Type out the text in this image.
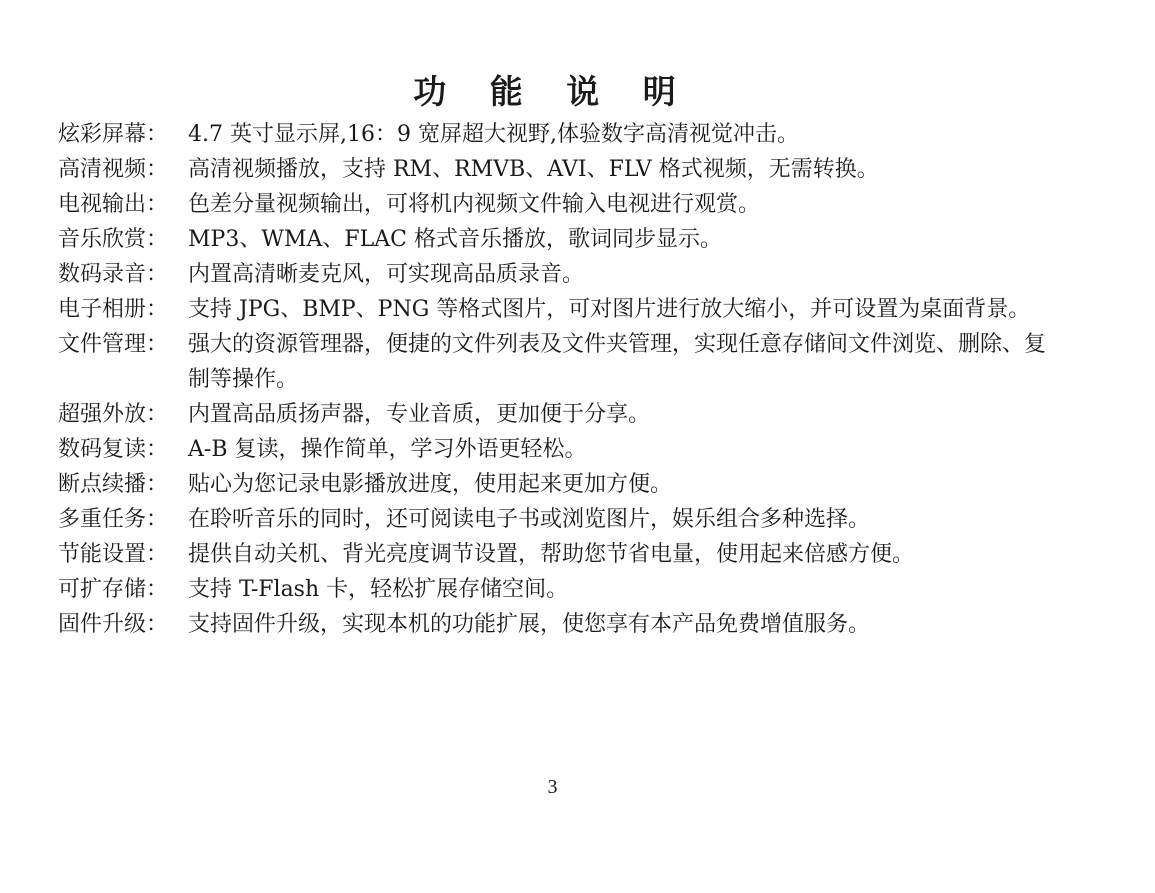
功 能 说 明
炫彩屏幕： 4.7 英寸显示屏,16：9 宽屏超大视野,体验数字高清视觉冲击。
高清视频： 高清视频播放，支持 RM、RMVB、AVI、FLV 格式视频，无需转换。
电视输出： 色差分量视频输出，可将机内视频文件输入电视进行观赏。
音乐欣赏： MP3、WMA、FLAC 格式音乐播放，歌词同步显示。
数码录音： 内置高清晰麦克风，可实现高品质录音。
电子相册： 支持 JPG、BMP、PNG 等格式图片，可对图片进行放大缩小，并可设置为桌面背景。
文件管理： 强大的资源管理器，便捷的文件列表及文件夹管理，实现任意存储间文件浏览、删除、复制等操作。
超强外放： 内置高品质扬声器，专业音质，更加便于分享。
数码复读： A-B 复读，操作简单，学习外语更轻松。
断点续播： 贴心为您记录电影播放进度，使用起来更加方便。
多重任务： 在聆听音乐的同时，还可阅读电子书或浏览图片，娱乐组合多种选择。
节能设置： 提供自动关机、背光亮度调节设置，帮助您节省电量，使用起来倍感方便。
可扩存储： 支持 T-Flash 卡，轻松扩展存储空间。
固件升级： 支持固件升级，实现本机的功能扩展，使您享有本产品免费增值服务。
3
